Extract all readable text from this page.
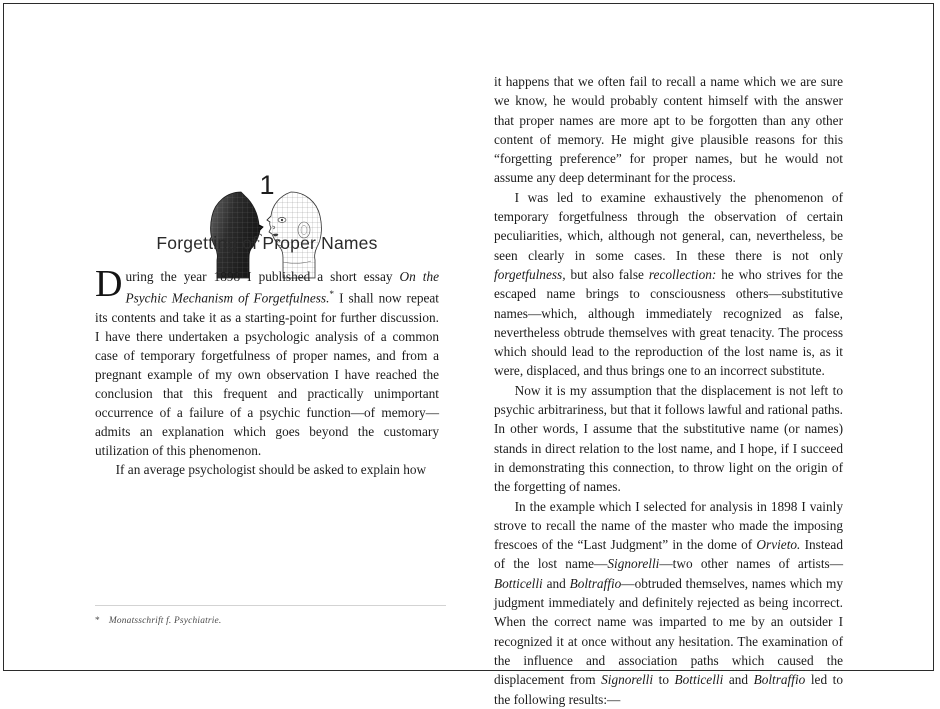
1
Forgetting of Proper Names

During the year 1898 I published a short essay On the Psychic Mechanism of Forgetfulness.* I shall now repeat its contents and take it as a starting-point for further discussion. I have there undertaken a psychologic analysis of a common case of temporary forgetfulness of proper names, and from a pregnant example of my own observation I have reached the conclusion that this frequent and practically unimportant occurrence of a failure of a psychic function—of memory—admits an explanation which goes beyond the customary utilization of this phenomenon.

If an average psychologist should be asked to explain how

it happens that we often fail to recall a name which we are sure we know, he would probably content himself with the answer that proper names are more apt to be forgotten than any other content of memory. He might give plausible reasons for this “forgetting preference” for proper names, but he would not assume any deep determinant for the process.

I was led to examine exhaustively the phenomenon of temporary forgetfulness through the observation of certain peculiarities, which, although not general, can, nevertheless, be seen clearly in some cases. In these there is not only forgetfulness, but also false recollection: he who strives for the escaped name brings to consciousness others—substitutive names—which, although immediately recognized as false, nevertheless obtrude themselves with great tenacity. The process which should lead to the reproduction of the lost name is, as it were, displaced, and thus brings one to an incorrect substitute.

Now it is my assumption that the displacement is not left to psychic arbitrariness, but that it follows lawful and rational paths. In other words, I assume that the substitutive name (or names) stands in direct relation to the lost name, and I hope, if I succeed in demonstrating this connection, to throw light on the origin of the forgetting of names.

In the example which I selected for analysis in 1898 I vainly strove to recall the name of the master who made the imposing frescoes of the “Last Judgment” in the dome of Orvieto. Instead of the lost name—Signorelli—two other names of artists—Botticelli and Boltraffio—obtruded themselves, names which my judgment immediately and definitely rejected as being incorrect. When the correct name was imparted to me by an outsider I recognized it at once without any hesitation. The examination of the influence and association paths which caused the displacement from Signorelli to Botticelli and Boltraffio led to the following results:—

* Monatsschrift f. Psychiatrie.
